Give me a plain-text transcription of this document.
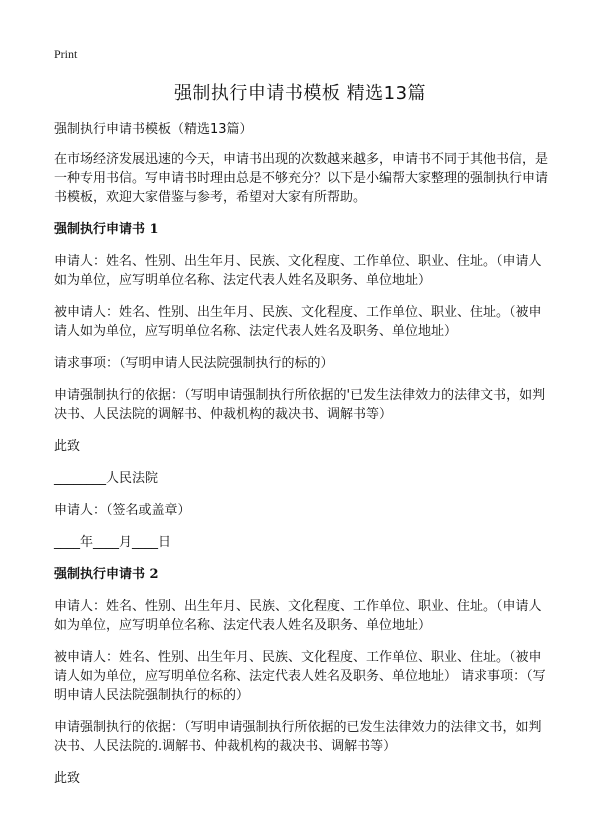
Print
强制执行申请书模板 精选13篇
强制执行申请书模板（精选13篇）
在市场经济发展迅速的今天，申请书出现的次数越来越多，申请书不同于其他书信，是一种专用书信。写申请书时理由总是不够充分？以下是小编帮大家整理的强制执行申请书模板，欢迎大家借鉴与参考，希望对大家有所帮助。
强制执行申请书 1
申请人：姓名、性别、出生年月、民族、文化程度、工作单位、职业、住址。（申请人如为单位，应写明单位名称、法定代表人姓名及职务、单位地址）
被申请人：姓名、性别、出生年月、民族、文化程度、工作单位、职业、住址。（被申请人如为单位，应写明单位名称、法定代表人姓名及职务、单位地址）
请求事项：（写明申请人民法院强制执行的标的）
申请强制执行的依据：（写明申请强制执行所依据的'已发生法律效力的法律文书，如判决书、人民法院的调解书、仲裁机构的裁决书、调解书等）
此致
________人民法院
申请人：（签名或盖章）
____年____月____日
强制执行申请书 2
申请人：姓名、性别、出生年月、民族、文化程度、工作单位、职业、住址。（申请人如为单位，应写明单位名称、法定代表人姓名及职务、单位地址）
被申请人：姓名、性别、出生年月、民族、文化程度、工作单位、职业、住址。（被申请人如为单位，应写明单位名称、法定代表人姓名及职务、单位地址） 请求事项：（写明申请人民法院强制执行的标的）
申请强制执行的依据：（写明申请强制执行所依据的已发生法律效力的法律文书，如判决书、人民法院的.调解书、仲裁机构的裁决书、调解书等）
此致
